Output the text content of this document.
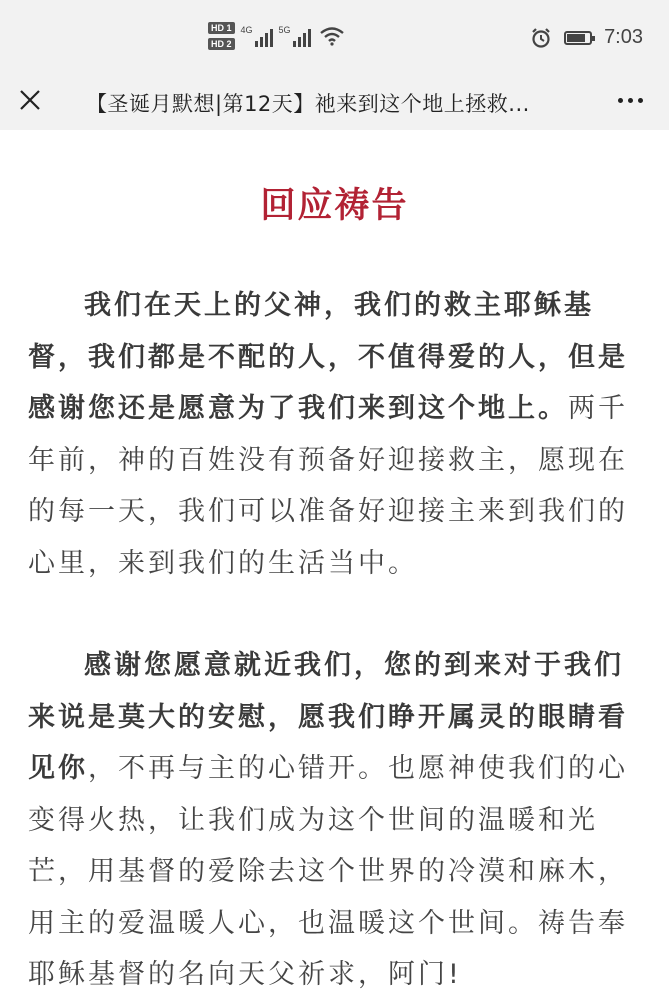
HD 1
HD 2
4G	5G	7:03
【圣诞月默想|第12天】祂来到这个地上拯救...
回应祷告

我们在天上的父神，我们的救主耶稣基督，我们都是不配的人，不值得爱的人，但是感谢您还是愿意为了我们来到这个地上。两千年前，神的百姓没有预备好迎接救主，愿现在的每一天，我们可以准备好迎接主来到我们的心里，来到我们的生活当中。

感谢您愿意就近我们，您的到来对于我们来说是莫大的安慰，愿我们睁开属灵的眼睛看见你，不再与主的心错开。也愿神使我们的心变得火热，让我们成为这个世间的温暖和光芒，用基督的爱除去这个世界的冷漠和麻木，用主的爱温暖人心，也温暖这个世间。祷告奉耶稣基督的名向天父祈求，阿门!
